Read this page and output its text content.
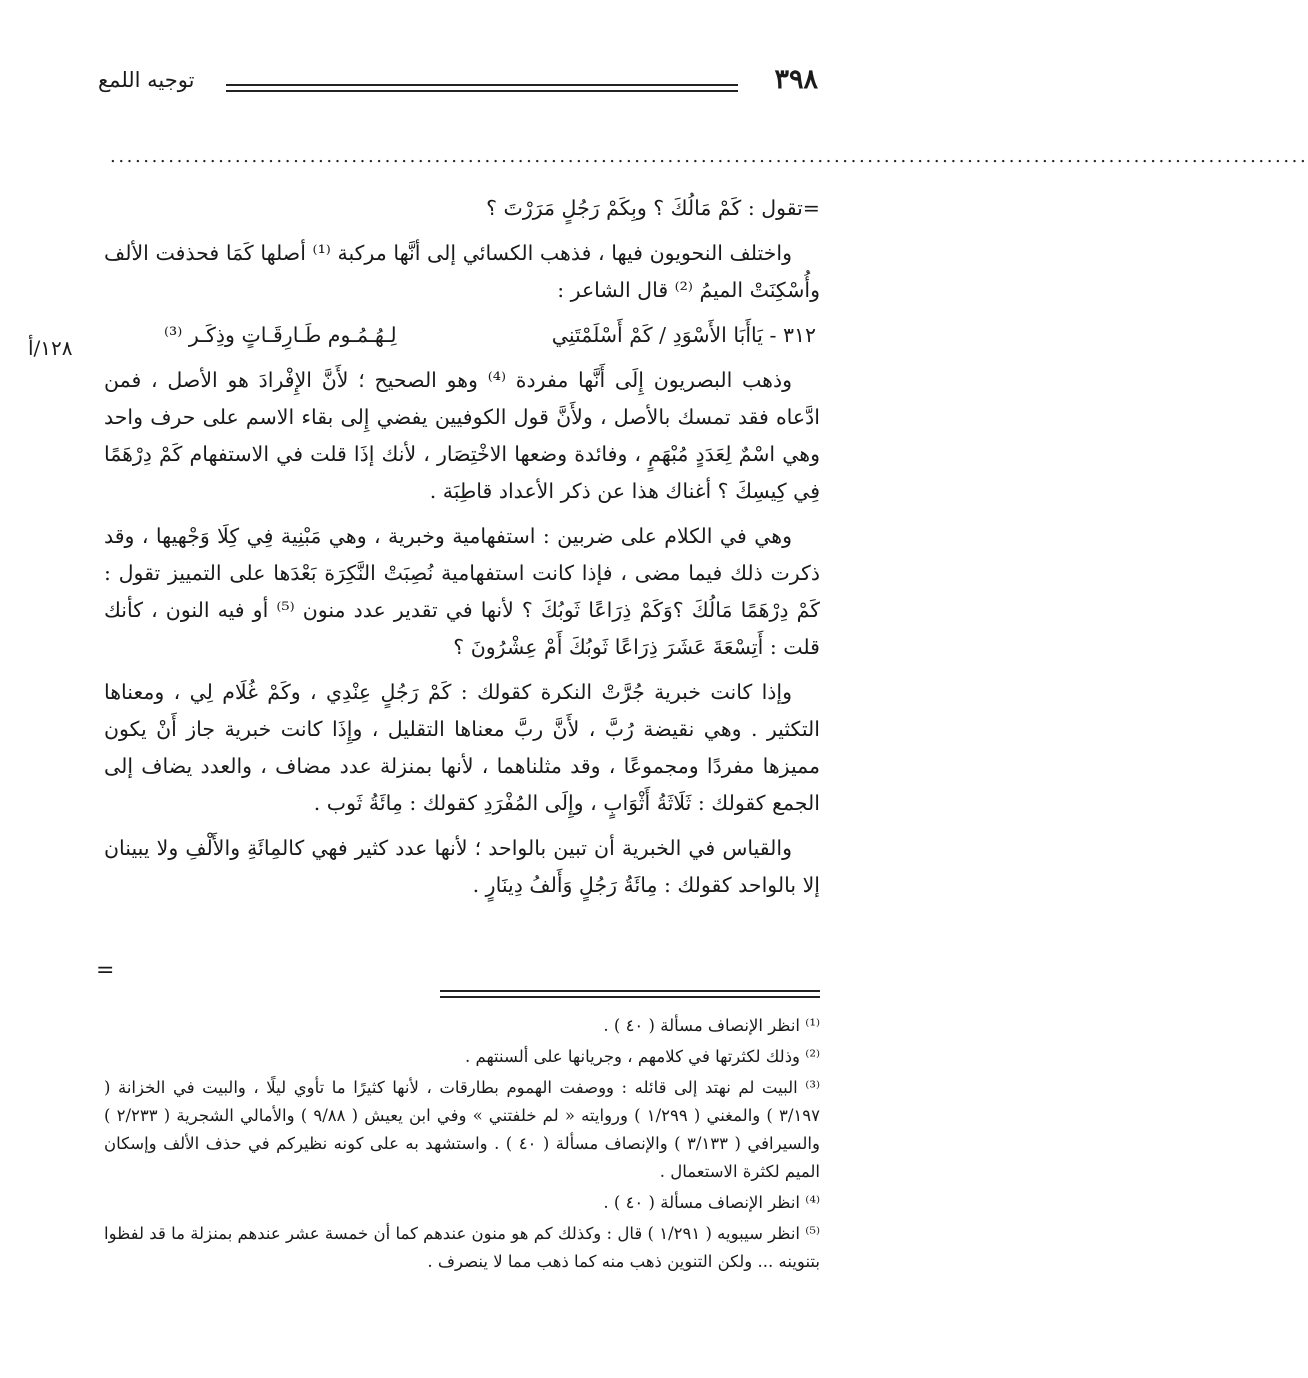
٣٩٨
توجيه اللمع
................................................................................................................................................

=تقول : كَمْ مَالُكَ ؟ وبِكَمْ رَجُلٍ مَرَرْتَ ؟

واختلف النحويون فيها ، فذهب الكسائي إلى أنَّها مركبة ⁽¹⁾ أصلها كَمَا فحذفت الألف وأُسْكِنَتْ الميمُ ⁽²⁾ قال الشاعر :

٣١٢ - يَاأَبَا الأَسْوَدِ / كَمْ أَسْلَمْتَنِي
لِـهُـمُـوم طَـارِقَـاتٍ وذِكَـر ⁽³⁾

وذهب البصريون إِلَى أَنَّها مفردة ⁽⁴⁾ وهو الصحيح ؛ لأَنَّ الإِفْرادَ هو الأصل ، فمن ادَّعاه فقد تمسك بالأصل ، ولأَنَّ قول الكوفيين يفضي إِلى بقاء الاسم على حرف واحد وهي اسْمٌ لِعَدَدٍ مُبْهَمٍ ، وفائدة وضعها الاخْتِصَار ، لأنك إذَا قلت في الاستفهام كَمْ دِرْهَمًا فِي كِيسِكَ ؟ أغناك هذا عن ذكر الأعداد قاطِبَة .

وهي في الكلام على ضربين : استفهامية وخبرية ، وهي مَبْنِية فِي كِلَا وَجْهيها ، وقد ذكرت ذلك فيما مضى ، فإذا كانت استفهامية نُصِبَتْ النَّكِرَة بَعْدَها على التمييز تقول : كَمْ دِرْهَمًا مَالُكَ ؟وَكَمْ ذِرَاعًا ثَوبُكَ ؟ لأنها في تقدير عدد منون ⁽⁵⁾ أو فيه النون ، كأنك قلت : أَتِسْعَةَ عَشَرَ ذِرَاعًا ثَوبُكَ أَمْ عِشْرُونَ ؟

وإذا كانت خبرية جُرَّتْ النكرة كقولك : كَمْ رَجُلٍ عِنْدِي ، وكَمْ غُلَام لِي ، ومعناها التكثير . وهي نقيضة رُبَّ ، لأَنَّ ربَّ معناها التقليل ، وإِذَا كانت خبرية جاز أَنْ يكون مميزها مفردًا ومجموعًا ، وقد مثلناهما ، لأنها بمنزلة عدد مضاف ، والعدد يضاف إلى الجمع كقولك : ثَلَاثَةُ أَثْوَابٍ ، وإِلَى المُفْرَدِ كقولك : مِائَةُ ثَوب .

والقياس في الخبرية أن تبين بالواحد ؛ لأنها عدد كثير فهي كالمِائَةِ والأَلْفِ ولا يبينان إلا بالواحد كقولك : مِائَةُ رَجُلٍ وَأَلفُ دِينَارٍ .

١٢٨/أ
=

⁽¹⁾ انظر الإنصاف مسألة ( ٤٠ ) .

⁽²⁾ وذلك لكثرتها في كلامهم ، وجريانها على ألسنتهم .

⁽³⁾ البيت لم نهتد إلى قائله : ووصفت الهموم بطارقات ، لأنها كثيرًا ما تأوي ليلًا ، والبيت في الخزانة ( ٣/١٩٧ ) والمغني ( ١/٢٩٩ ) وروايته « لم خلفتني » وفي ابن يعيش ( ٩/٨٨ ) والأمالي الشجرية ( ٢/٢٣٣ ) والسيرافي ( ٣/١٣٣ ) والإنصاف مسألة ( ٤٠ ) . واستشهد به على كونه نظيركم في حذف الألف وإسكان الميم لكثرة الاستعمال .

⁽⁴⁾ انظر الإنصاف مسألة ( ٤٠ ) .

⁽⁵⁾ انظر سيبويه ( ١/٢٩١ ) قال : وكذلك كم هو منون عندهم كما أن خمسة عشر عندهم بمنزلة ما قد لفظوا بتنوينه ... ولكن التنوين ذهب منه كما ذهب مما لا ينصرف .
